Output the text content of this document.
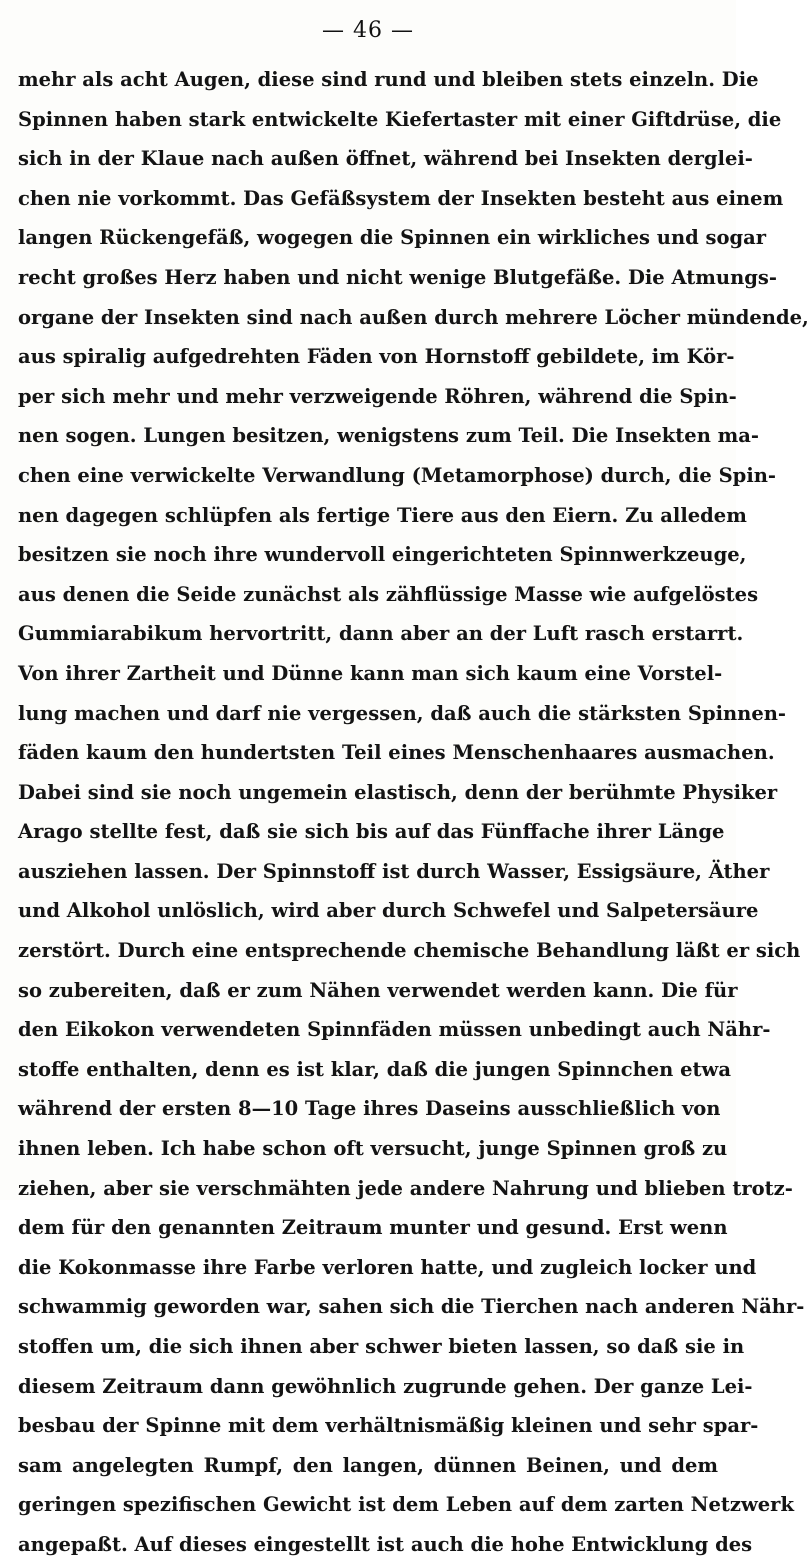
— 46 —
mehr als acht Augen, diese sind rund und bleiben stets einzeln. Die
Spinnen haben stark entwickelte Kiefertaster mit einer Giftdrüse, die
sich in der Klaue nach außen öffnet, während bei Insekten derglei-
chen nie vorkommt. Das Gefäßsystem der Insekten besteht aus einem
langen Rückengefäß, wogegen die Spinnen ein wirkliches und sogar
recht großes Herz haben und nicht wenige Blutgefäße. Die Atmungs-
organe der Insekten sind nach außen durch mehrere Löcher mündende,
aus spiralig aufgedrehten Fäden von Hornstoff gebildete, im Kör-
per sich mehr und mehr verzweigende Röhren, während die Spin-
nen sogen. Lungen besitzen, wenigstens zum Teil. Die Insekten ma-
chen eine verwickelte Verwandlung (Metamorphose) durch, die Spin-
nen dagegen schlüpfen als fertige Tiere aus den Eiern. Zu alledem
besitzen sie noch ihre wundervoll eingerichteten Spinnwerkzeuge,
aus denen die Seide zunächst als zähflüssige Masse wie aufgelöstes
Gummiarabikum hervortritt, dann aber an der Luft rasch erstarrt.
Von ihrer Zartheit und Dünne kann man sich kaum eine Vorstel-
lung machen und darf nie vergessen, daß auch die stärksten Spinnen-
fäden kaum den hundertsten Teil eines Menschenhaares ausmachen.
Dabei sind sie noch ungemein elastisch, denn der berühmte Physiker
Arago stellte fest, daß sie sich bis auf das Fünffache ihrer Länge
ausziehen lassen. Der Spinnstoff ist durch Wasser, Essigsäure, Äther
und Alkohol unlöslich, wird aber durch Schwefel und Salpetersäure
zerstört. Durch eine entsprechende chemische Behandlung läßt er sich
so zubereiten, daß er zum Nähen verwendet werden kann. Die für
den Eikokon verwendeten Spinnfäden müssen unbedingt auch Nähr-
stoffe enthalten, denn es ist klar, daß die jungen Spinnchen etwa
während der ersten 8—10 Tage ihres Daseins ausschließlich von
ihnen leben. Ich habe schon oft versucht, junge Spinnen groß zu
ziehen, aber sie verschmähten jede andere Nahrung und blieben trotz-
dem für den genannten Zeitraum munter und gesund. Erst wenn
die Kokonmasse ihre Farbe verloren hatte, und zugleich locker und
schwammig geworden war, sahen sich die Tierchen nach anderen Nähr-
stoffen um, die sich ihnen aber schwer bieten lassen, so daß sie in
diesem Zeitraum dann gewöhnlich zugrunde gehen. Der ganze Lei-
besbau der Spinne mit dem verhältnismäßig kleinen und sehr spar-
sam angelegten Rumpf, den langen, dünnen Beinen, und dem
geringen spezifischen Gewicht ist dem Leben auf dem zarten Netzwerk
angepaßt. Auf dieses eingestellt ist auch die hohe Entwicklung des
